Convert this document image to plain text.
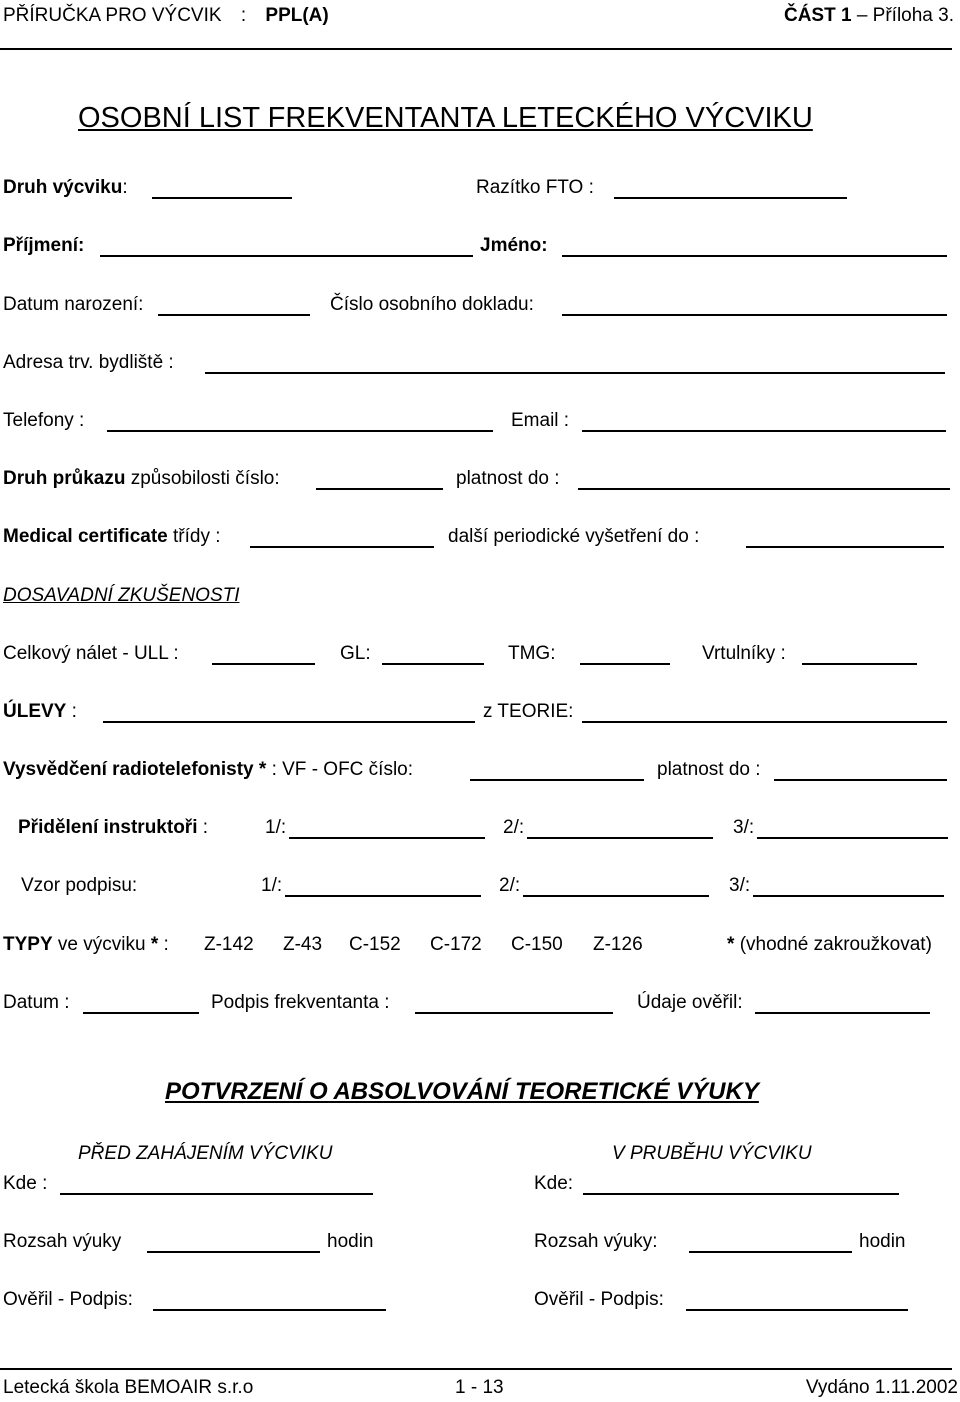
PŘÍRUČKA PRO VÝCVIK : PPL(A)	ČÁST 1 – Příloha 3.
OSOBNÍ LIST FREKVENTANTA LETECKÉHO VÝCVIKU
Druh výcviku:	Razítko FTO :
Příjmení:	Jméno:
Datum narození:	Číslo osobního dokladu:
Adresa trv. bydliště :
Telefony :	Email :
Druh průkazu způsobilosti číslo:	platnost do :
Medical certificate třídy :	další periodické vyšetření do :
DOSAVADNÍ ZKUŠENOSTI
Celkový nálet - ULL :	GL:	TMG:	Vrtulníky :
ÚLEVY :	z TEORIE:
Vysvědčení radiotelefonisty * : VF - OFC číslo:	platnost do :
Přidělení instruktoři :	1/:	2/:	3/:
Vzor podpisu:	1/:	2/:	3/:
TYPY ve výcviku * : Z-142 Z-43 C-152 C-172 C-150 Z-126	* (vhodné zakroužkovat)
Datum :	Podpis frekventanta :	Údaje ověřil:
POTVRZENÍ O ABSOLVOVÁNÍ TEORETICKÉ VÝUKY
PŘED ZAHÁJENÍM VÝCVIKU	V PRUBĚHU VÝCVIKU
Kde :	Kde:
Rozsah výuky	hodin	Rozsah výuky:	hodin
Ověřil - Podpis:	Ověřil - Podpis:
Letecká škola BEMOAIR s.r.o	1 - 13	Vydáno 1.11.2002
